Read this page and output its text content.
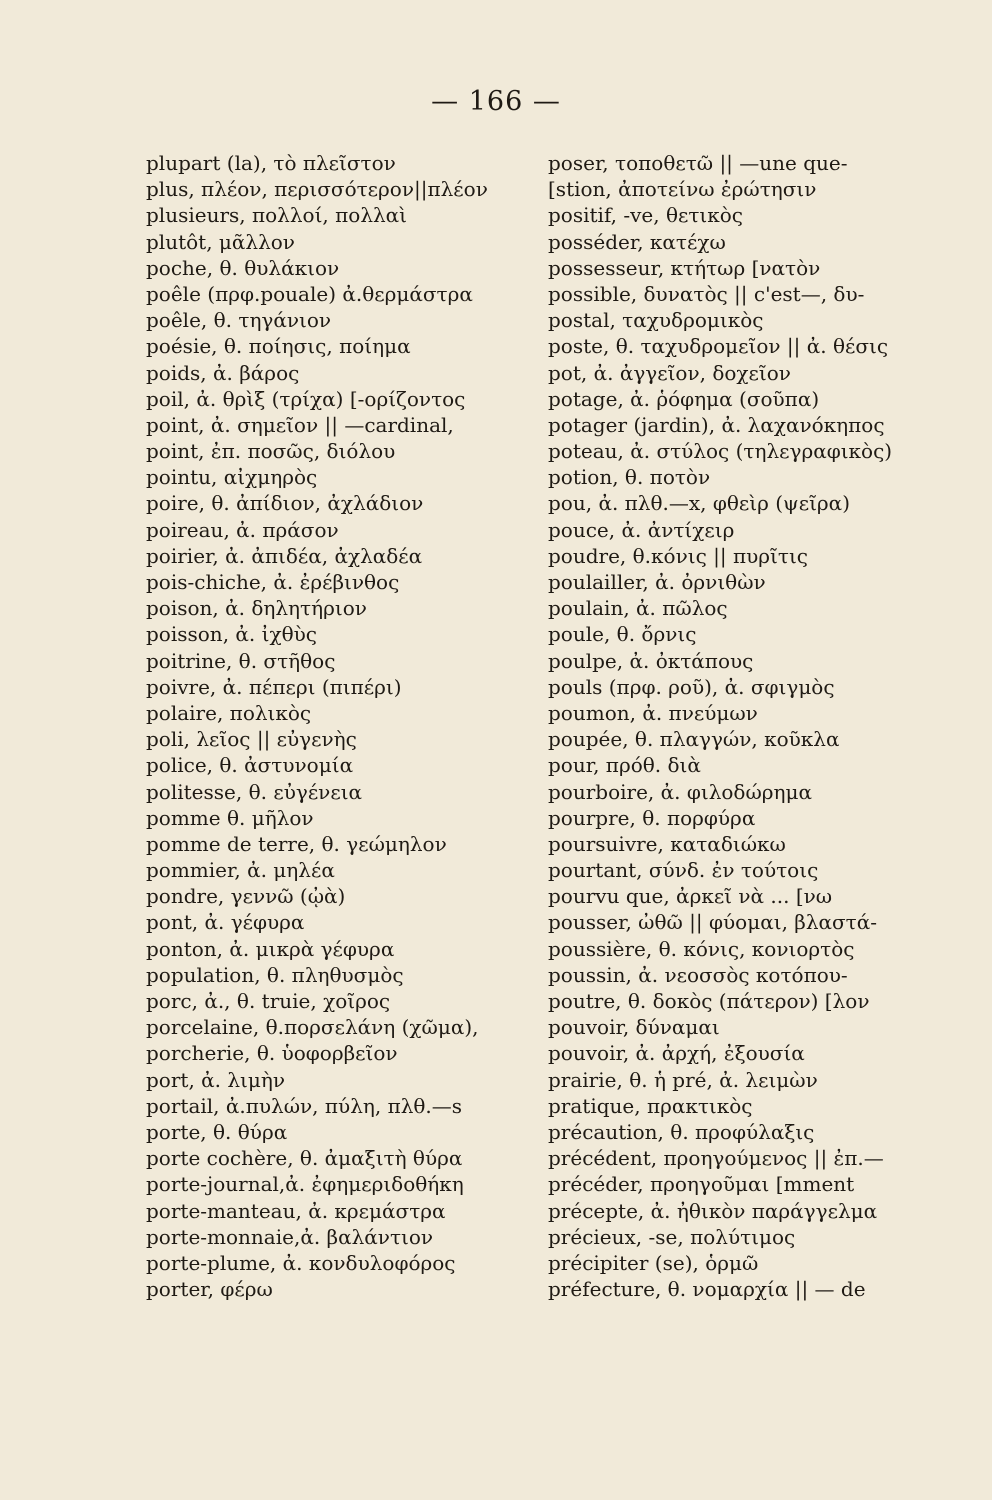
— 166 —
plupart (la), τὸ πλεῖστον
plus, πλέον, περισσότερον||πλέον
plusieurs, πολλοί, πολλαὶ
plutôt, μᾶλλον
poche, θ. θυλάκιον
poêle (πρφ.pouale) ἀ.θερμάστρα
poêle, θ. τηγάνιον
poésie, θ. ποίησις, ποίημα
poids, ἀ. βάρος
poil, ἀ. θρὶξ (τρίχα) [-ορίζοντος
point, ἀ. σημεῖον || —cardinal,
point, ἐπ. ποσῶς, διόλου
pointu, αἰχμηρὸς
poire, θ. ἀπίδιον, ἀχλάδιον
poireau, ἀ. πράσον
poirier, ἀ. ἀπιδέα, ἀχλαδέα
pois-chiche, ἀ. ἐρέβινθος
poison, ἀ. δηλητήριον
poisson, ἀ. ἰχθὺς
poitrine, θ. στῆθος
poivre, ἀ. πέπερι (πιπέρι)
polaire, πολικὸς
poli, λεῖος || εὐγενὴς
police, θ. ἀστυνομία
politesse, θ. εὐγένεια
pomme θ. μῆλον
pomme de terre, θ. γεώμηλον
pommier, ἀ. μηλέα
pondre, γεννῶ (ᾠὰ)
pont, ἀ. γέφυρα
ponton, ἀ. μικρὰ γέφυρα
population, θ. πληθυσμὸς
porc, ἀ., θ. truie, χοῖρος
porcelaine, θ.πορσελάνη (χῶμα),
porcherie, θ. ὑοφορβεῖον
port, ἀ. λιμὴν
portail, ἀ.πυλών, πύλη, πλθ.—s
porte, θ. θύρα
porte cochère, θ. ἀμαξιτὴ θύρα
porte-journal,ἀ. ἐφημεριδοθήκη
porte-manteau, ἀ. κρεμάστρα
porte-monnaie,ἀ. βαλάντιον
porte-plume, ἀ. κονδυλοφόρος
porter, φέρω
poser, τοποθετῶ || —une que-
[stion, ἀποτείνω ἐρώτησιν
positif, -ve, θετικὸς
posséder, κατέχω
possesseur, κτήτωρ [νατὸν
possible, δυνατὸς || c'est—, δυ-
postal, ταχυδρομικὸς
poste, θ. ταχυδρομεῖον || ἀ. θέσις
pot, ἀ. ἀγγεῖον, δοχεῖον
potage, ἀ. ῥόφημα (σοῦπα)
potager (jardin), ἀ. λαχανόκηπος
poteau, ἀ. στύλος (τηλεγραφικὸς)
potion, θ. ποτὸν
pou, ἀ. πλθ.—x, φθεὶρ (ψεῖρα)
pouce, ἀ. ἀντίχειρ
poudre, θ.κόνις || πυρῖτις
poulailler, ἀ. ὀρνιθὼν
poulain, ἀ. πῶλος
poule, θ. ὄρνις
poulpe, ἀ. ὀκτάπους
pouls (πρφ. ροῦ), ἀ. σφιγμὸς
poumon, ἀ. πνεύμων
poupée, θ. πλαγγών, κοῦκλα
pour, πρόθ. διὰ
pourboire, ἀ. φιλοδώρημα
pourpre, θ. πορφύρα
poursuivre, καταδιώκω
pourtant, σύνδ. ἐν τούτοις
pourvu que, ἀρκεῖ νὰ ... [νω
pousser, ὠθῶ || φύομαι, βλαστά-
poussière, θ. κόνις, κονιορτὸς
poussin, ἀ. νεοσσὸς κοτόπου-
poutre, θ. δοκὸς (πάτερον) [λον
pouvoir, δύναμαι
pouvoir, ἀ. ἀρχή, ἐξουσία
prairie, θ. ἡ pré, ἀ. λειμὼν
pratique, πρακτικὸς
précaution, θ. προφύλαξις
précédent, προηγούμενος || ἐπ.—
précéder, προηγοῦμαι [mment
précepte, ἀ. ἠθικὸν παράγγελμα
précieux, -se, πολύτιμος
précipiter (se), ὁρμῶ
préfecture, θ. νομαρχία || — de
